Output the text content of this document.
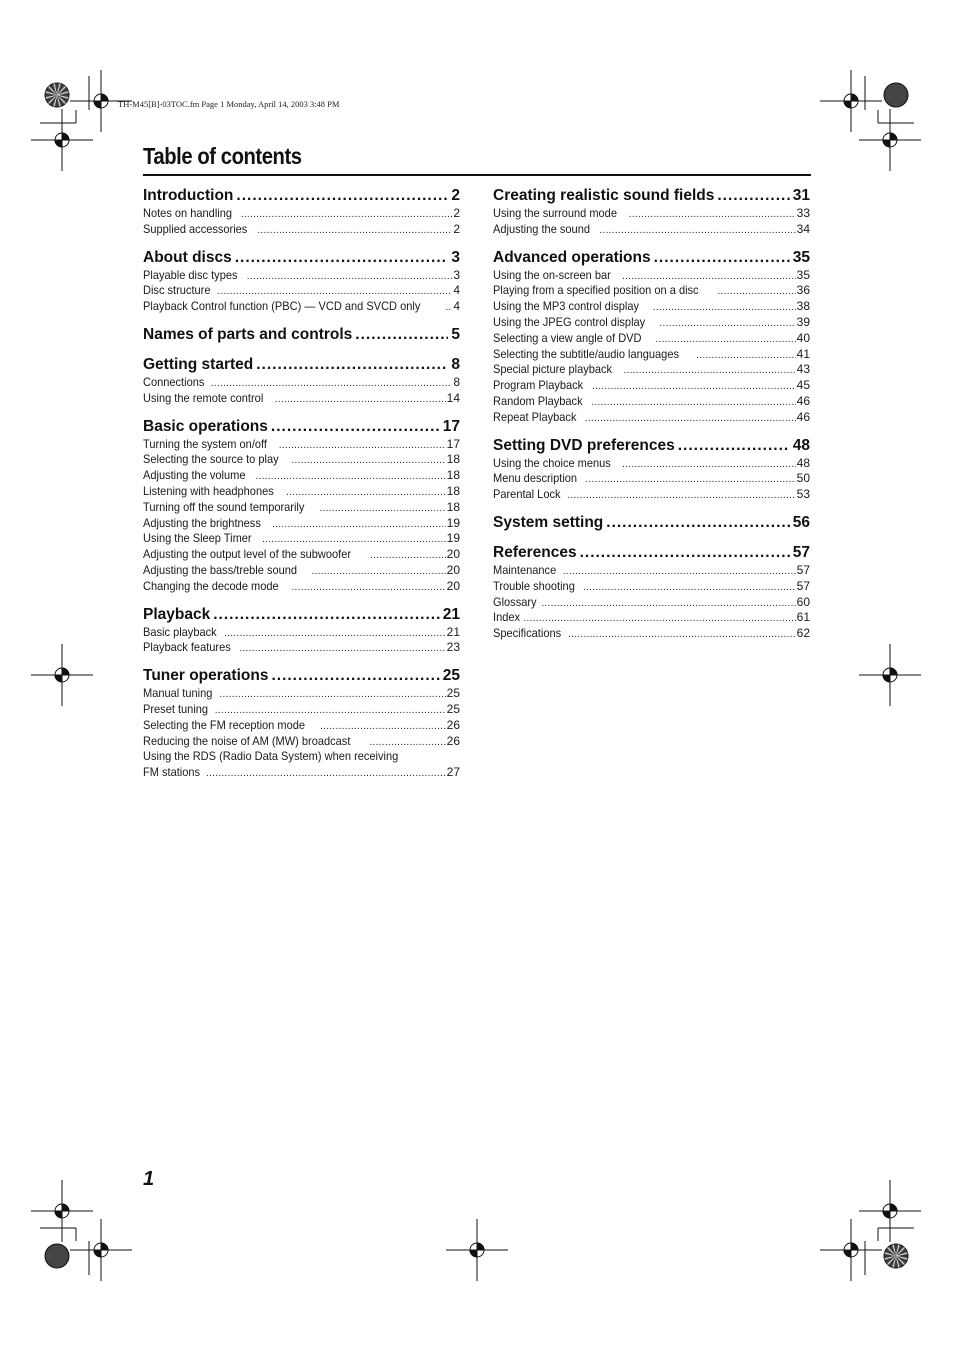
TH-M45[B]-03TOC.fm Page 1 Monday, April 14, 2003 3:48 PM
Table of contents
Introduction .....	2
Notes on handling .....	2
Supplied accessories .....	2
About discs .....	3
Playable disc types .....	3
Disc structure .....	4
Playback Control function (PBC) — VCD and SVCD only .....	4
Names of parts and controls .....	5
Getting started .....	8
Connections .....	8
Using the remote control .....	14
Basic operations .....	17
Turning the system on/off .....	17
Selecting the source to play .....	18
Adjusting the volume .....	18
Listening with headphones .....	18
Turning off the sound temporarily .....	18
Adjusting the brightness .....	19
Using the Sleep Timer .....	19
Adjusting the output level of the subwoofer .....	20
Adjusting the bass/treble sound .....	20
Changing the decode mode .....	20
Playback .....	21
Basic playback .....	21
Playback features .....	23
Tuner operations .....	25
Manual tuning .....	25
Preset tuning .....	25
Selecting the FM reception mode .....	26
Reducing the noise of AM (MW) broadcast .....	26
Using the RDS (Radio Data System) when receiving
FM stations .....	27
Creating realistic sound fields .....	31
Using the surround mode .....	33
Adjusting the sound .....	34
Advanced operations .....	35
Using the on-screen bar .....	35
Playing from a specified position on a disc .....	36
Using the MP3 control display .....	38
Using the JPEG control display .....	39
Selecting a view angle of DVD .....	40
Selecting the subtitle/audio languages .....	41
Special picture playback .....	43
Program Playback .....	45
Random Playback .....	46
Repeat Playback .....	46
Setting DVD preferences .....	48
Using the choice menus .....	48
Menu description .....	50
Parental Lock .....	53
System setting .....	56
References .....	57
Maintenance .....	57
Trouble shooting .....	57
Glossary .....	60
Index .....	61
Specifications .....	62
1
